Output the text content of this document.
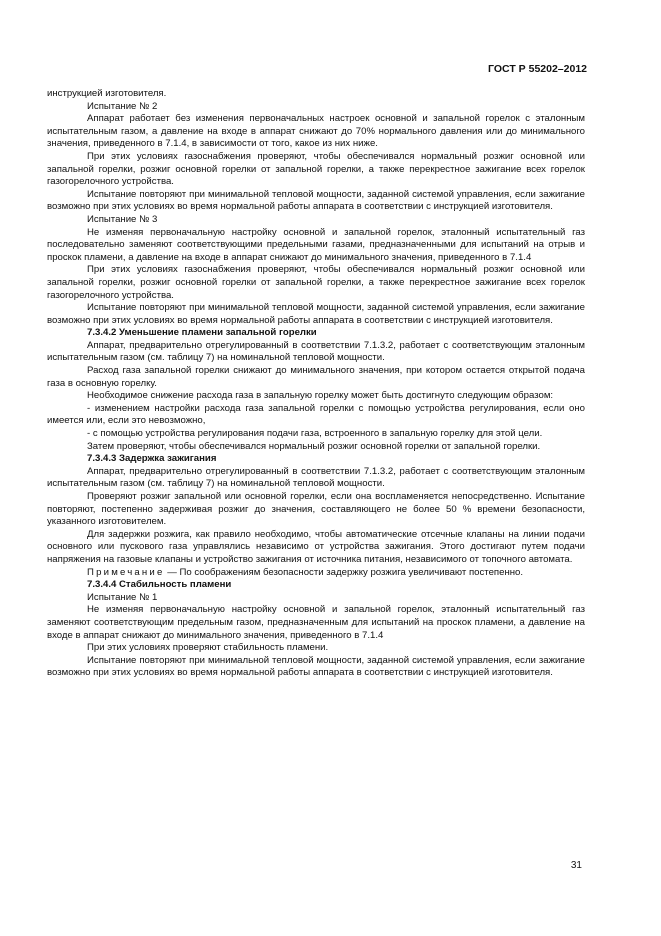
ГОСТ Р 55202–2012

инструкцией изготовителя.

Испытание № 2

Аппарат работает без изменения первоначальных настроек основной и запальной горелок с эталонным испытательным газом, а давление на входе в аппарат снижают до 70% нормального давления или до минимального значения, приведенного в 7.1.4, в зависимости от того, какое из них ниже.

При этих условиях газоснабжения проверяют, чтобы обеспечивался нормальный розжиг основной или запальной горелки, розжиг основной горелки от запальной горелки, а также перекрестное зажигание всех горелок газогорелочного устройства.

Испытание повторяют при минимальной тепловой мощности, заданной системой управления, если зажигание возможно при этих условиях во время нормальной работы аппарата в соответствии с инструкцией изготовителя.

Испытание № 3

Не изменяя первоначальную настройку основной и запальной горелок, эталонный испытательный газ последовательно заменяют соответствующими предельными газами, предназначенными для испытаний на отрыв и проскок пламени, а давление на входе в аппарат снижают до минимального значения, приведенного в 7.1.4

При этих условиях газоснабжения проверяют, чтобы обеспечивался нормальный розжиг основной или запальной горелки, розжиг основной горелки от запальной горелки, а также перекрестное зажигание всех горелок газогорелочного устройства.

Испытание повторяют при минимальной тепловой мощности, заданной системой управления, если зажигание возможно при этих условиях во время нормальной работы аппарата в соответствии с инструкцией изготовителя.

7.3.4.2 Уменьшение пламени запальной горелки

Аппарат, предварительно отрегулированный в соответствии 7.1.3.2, работает с соответствующим эталонным испытательным газом (см. таблицу 7) на номинальной тепловой мощности.

Расход газа запальной горелки снижают до минимального значения, при котором остается открытой подача газа в основную горелку.

Необходимое снижение расхода газа в запальную горелку может быть достигнуто следующим образом:

- изменением настройки расхода газа запальной горелки с помощью устройства регулирования, если оно имеется или, если это невозможно,

- с помощью устройства регулирования подачи газа, встроенного в запальную горелку для этой цели.

Затем проверяют, чтобы обеспечивался нормальный розжиг основной горелки от запальной горелки.

7.3.4.3 Задержка зажигания

Аппарат, предварительно отрегулированный в соответствии 7.1.3.2, работает с соответствующим эталонным испытательным газом (см. таблицу 7) на номинальной тепловой мощности.

Проверяют розжиг запальной или основной горелки, если она воспламеняется непосредственно. Испытание повторяют, постепенно задерживая розжиг до значения, составляющего не более 50 % времени безопасности, указанного изготовителем.

Для задержки розжига, как правило необходимо, чтобы автоматические отсечные клапаны на линии подачи основного или пускового газа управлялись независимо от устройства зажигания. Этого достигают путем подачи напряжения на газовые клапаны и устройство зажигания от источника питания, независимого от топочного автомата.

Примечание — По соображениям безопасности задержку розжига увеличивают постепенно.

7.3.4.4 Стабильность пламени

Испытание № 1

Не изменяя первоначальную настройку основной и запальной горелок, эталонный испытательный газ заменяют соответствующим предельным газом, предназначенным для испытаний на проскок пламени, а давление на входе в аппарат снижают до минимального значения, приведенного в 7.1.4

При этих условиях проверяют стабильность пламени.

Испытание повторяют при минимальной тепловой мощности, заданной системой управления, если зажигание возможно при этих условиях во время нормальной работы аппарата в соответствии с инструкцией изготовителя.

31
